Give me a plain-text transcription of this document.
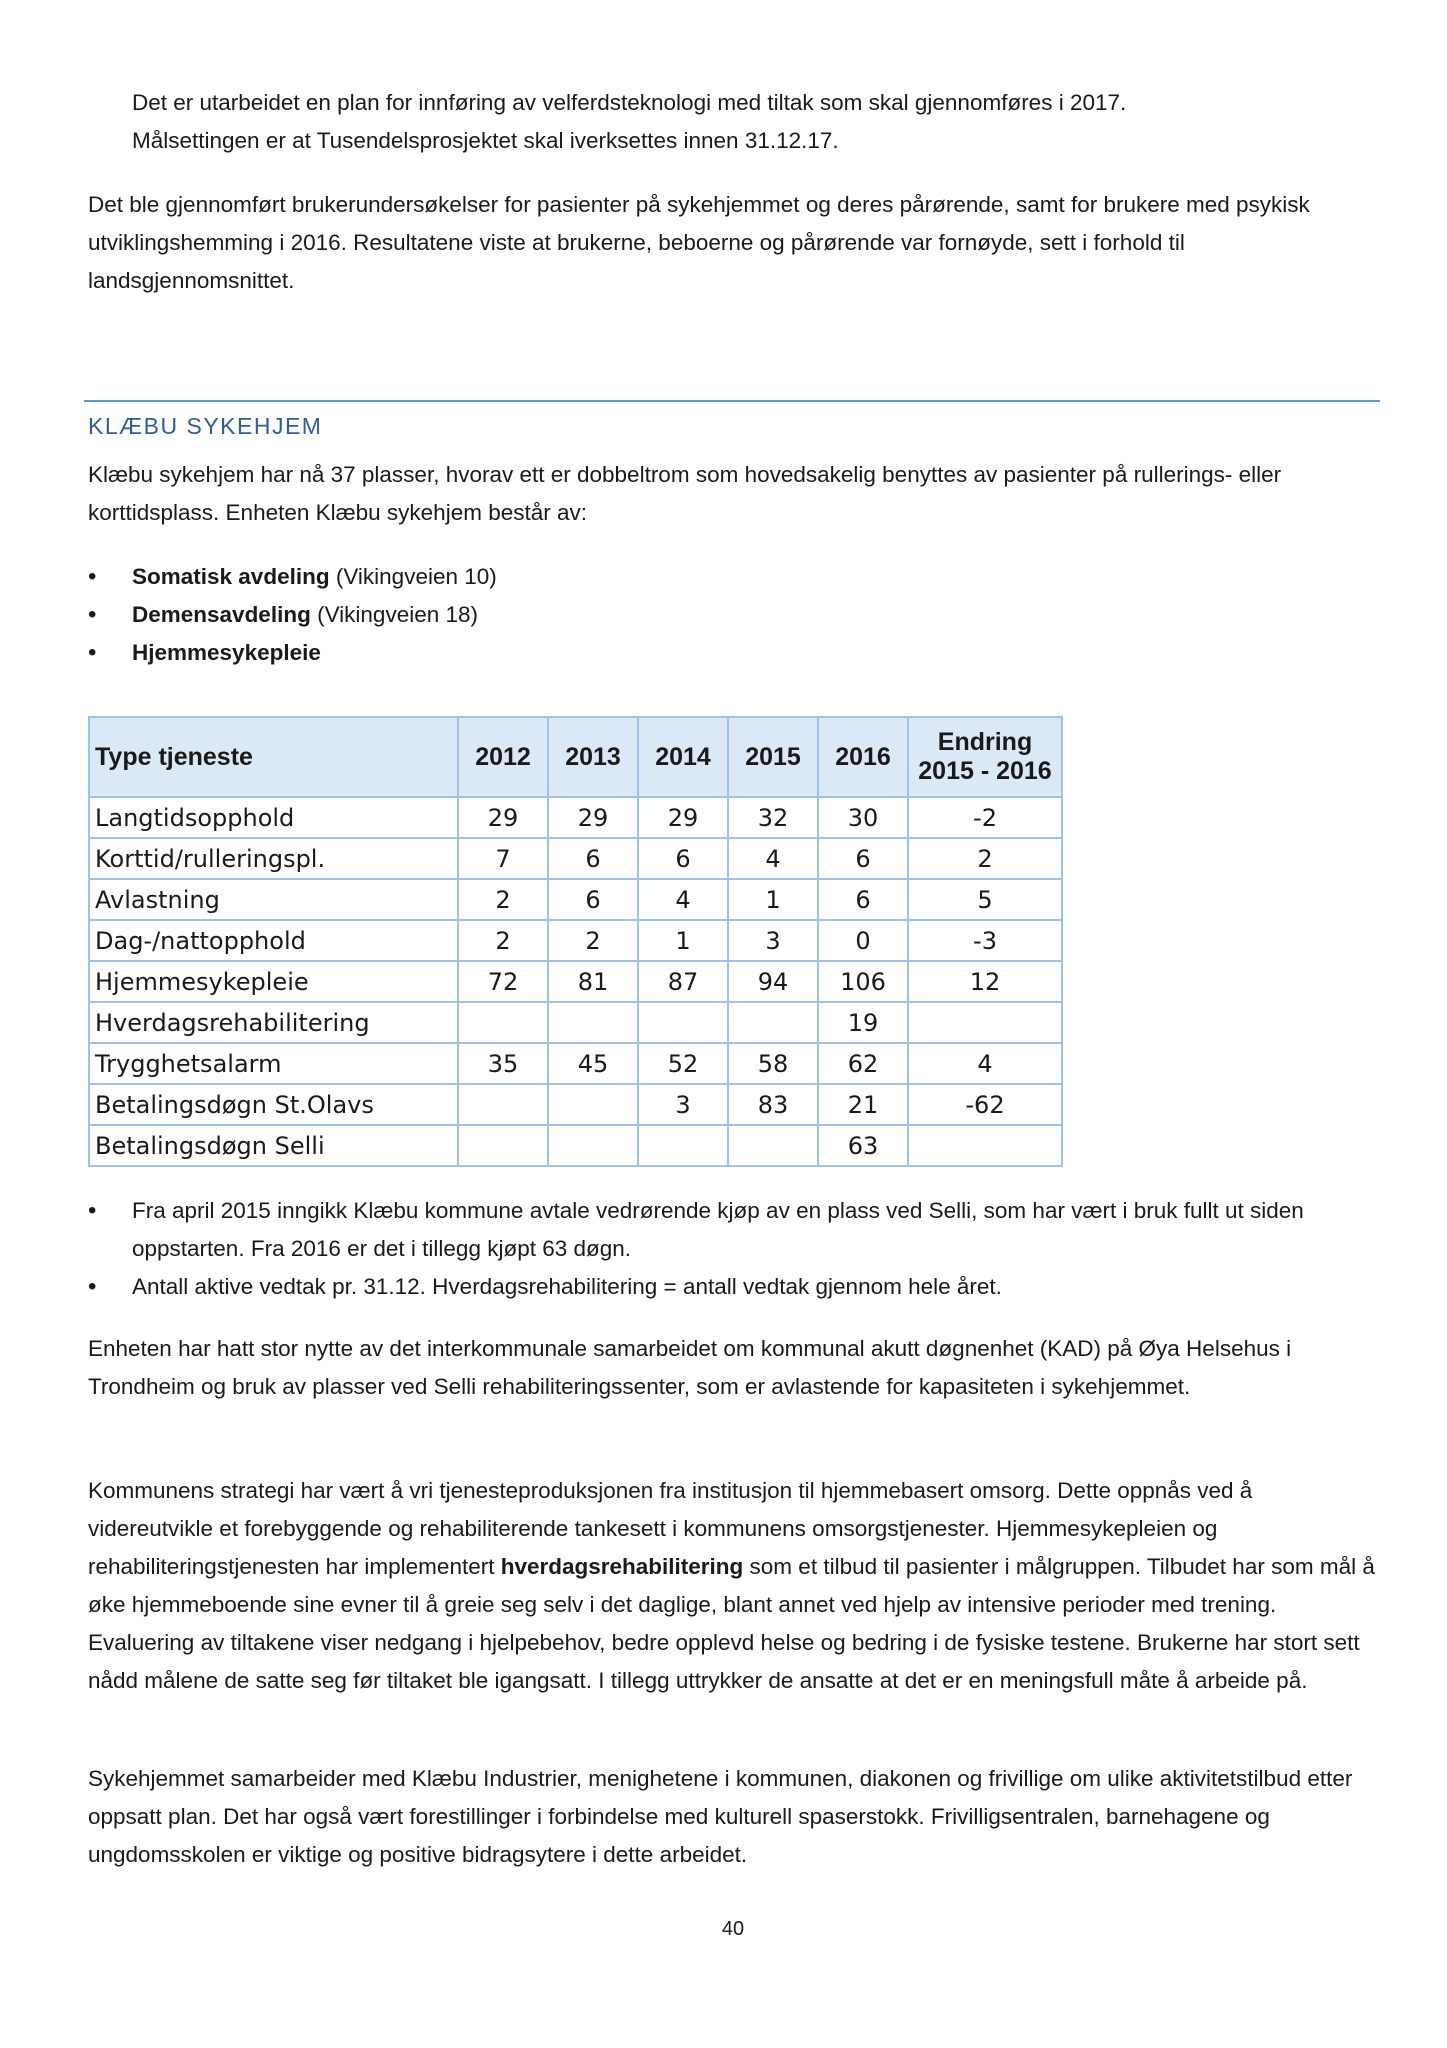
Det er utarbeidet en plan for innføring av velferdsteknologi med tiltak som skal gjennomføres i 2017.

Målsettingen er at Tusendelsprosjektet skal iverksettes innen 31.12.17.

Det ble gjennomført brukerundersøkelser for pasienter på sykehjemmet og deres pårørende, samt for brukere med psykisk utviklingshemming i 2016. Resultatene viste at brukerne, beboerne og pårørende var fornøyde, sett i forhold til landsgjennomsnittet.

KLÆBU SYKEHJEM

Klæbu sykehjem har nå 37 plasser, hvorav ett er dobbeltrom som hovedsakelig benyttes av pasienter på rullerings- eller korttidsplass. Enheten Klæbu sykehjem består av:

• Somatisk avdeling (Vikingveien 10)
• Demensavdeling (Vikingveien 18)
• Hjemmesykepleie
Type tjeneste	2012	2013	2014	2015	2016	Endring
2015 - 2016
Langtidsopphold	29	29	29	32	30	-2
Korttid/rulleringspl.	7	6	6	4	6	2
Avlastning	2	6	4	1	6	5
Dag-/nattopphold	2	2	1	3	0	-3
Hjemmesykepleie	72	81	87	94	106	12
Hverdagsrehabilitering					19	
Trygghetsalarm	35	45	52	58	62	4
Betalingsdøgn St.Olavs			3	83	21	-62
Betalingsdøgn Selli					63	
• Fra april 2015 inngikk Klæbu kommune avtale vedrørende kjøp av en plass ved Selli, som har vært i bruk fullt ut siden oppstarten. Fra 2016 er det i tillegg kjøpt 63 døgn.
• Antall aktive vedtak pr. 31.12. Hverdagsrehabilitering = antall vedtak gjennom hele året.

Enheten har hatt stor nytte av det interkommunale samarbeidet om kommunal akutt døgnenhet (KAD) på Øya Helsehus i Trondheim og bruk av plasser ved Selli rehabiliteringssenter, som er avlastende for kapasiteten i sykehjemmet.

Kommunens strategi har vært å vri tjenesteproduksjonen fra institusjon til hjemmebasert omsorg. Dette oppnås ved å videreutvikle et forebyggende og rehabiliterende tankesett i kommunens omsorgstjenester. Hjemmesykepleien og rehabiliteringstjenesten har implementert hverdagsrehabilitering som et tilbud til pasienter i målgruppen. Tilbudet har som mål å øke hjemmeboende sine evner til å greie seg selv i det daglige, blant annet ved hjelp av intensive perioder med trening. Evaluering av tiltakene viser nedgang i hjelpebehov, bedre opplevd helse og bedring i de fysiske testene. Brukerne har stort sett nådd målene de satte seg før tiltaket ble igangsatt. I tillegg uttrykker de ansatte at det er en meningsfull måte å arbeide på.

Sykehjemmet samarbeider med Klæbu Industrier, menighetene i kommunen, diakonen og frivillige om ulike aktivitetstilbud etter oppsatt plan. Det har også vært forestillinger i forbindelse med kulturell spaserstokk. Frivilligsentralen, barnehagene og ungdomsskolen er viktige og positive bidragsytere i dette arbeidet.

40
